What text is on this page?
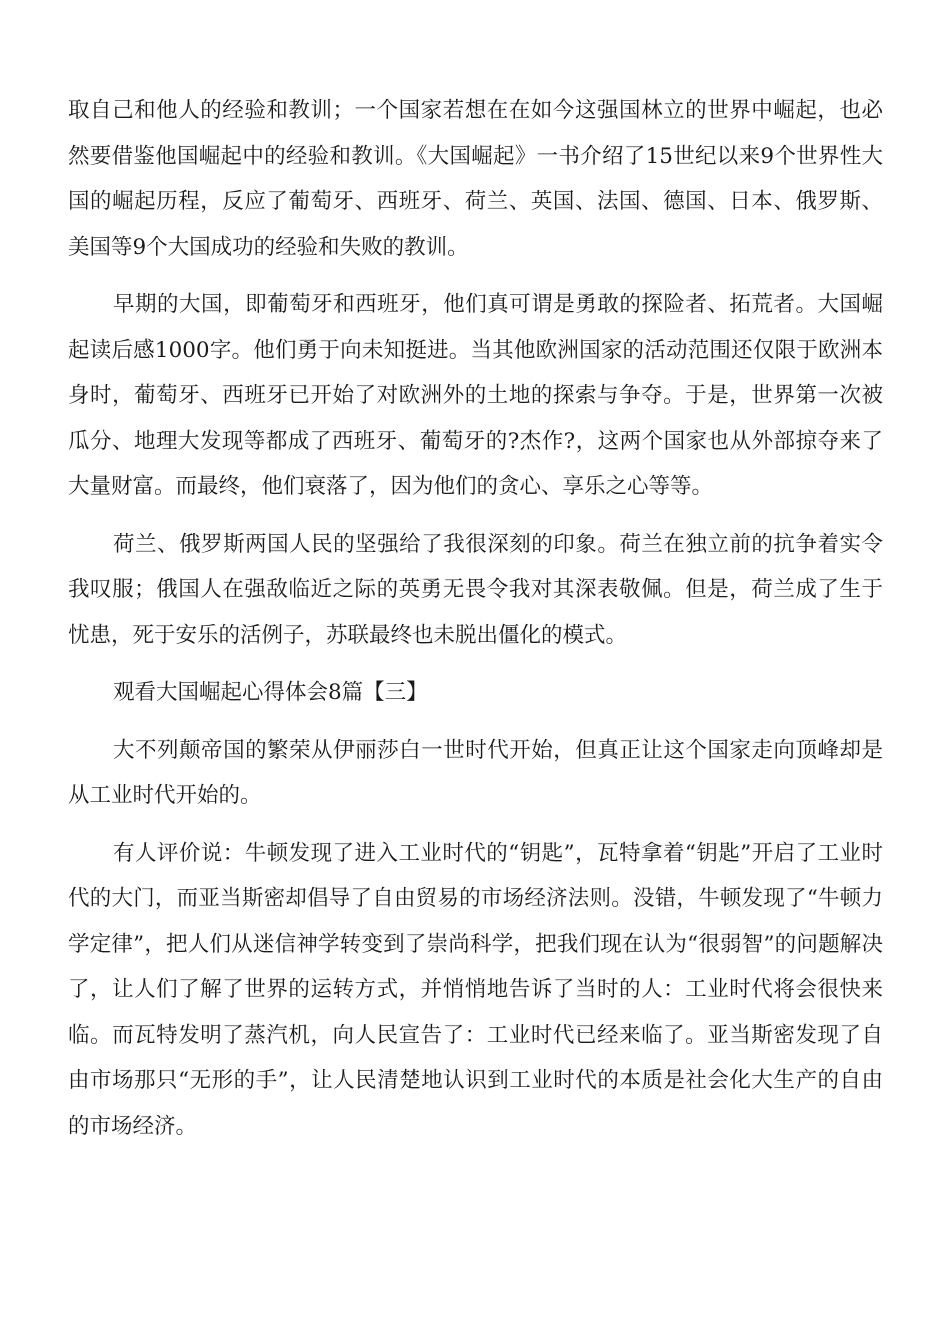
取自己和他人的经验和教训；一个国家若想在在如今这强国林立的世界中崛起，也必然要借鉴他国崛起中的经验和教训。《大国崛起》一书介绍了15世纪以来9个世界性大国的崛起历程，反应了葡萄牙、西班牙、荷兰、英国、法国、德国、日本、俄罗斯、美国等9个大国成功的经验和失败的教训。

早期的大国，即葡萄牙和西班牙，他们真可谓是勇敢的探险者、拓荒者。大国崛起读后感1000字。他们勇于向未知挺进。当其他欧洲国家的活动范围还仅限于欧洲本身时，葡萄牙、西班牙已开始了对欧洲外的土地的探索与争夺。于是，世界第一次被瓜分、地理大发现等都成了西班牙、葡萄牙的?杰作?，这两个国家也从外部掠夺来了大量财富。而最终，他们衰落了，因为他们的贪心、享乐之心等等。

荷兰、俄罗斯两国人民的坚强给了我很深刻的印象。荷兰在独立前的抗争着实令我叹服；俄国人在强敌临近之际的英勇无畏令我对其深表敬佩。但是，荷兰成了生于忧患，死于安乐的活例子，苏联最终也未脱出僵化的模式。

观看大国崛起心得体会8篇【三】

大不列颠帝国的繁荣从伊丽莎白一世时代开始，但真正让这个国家走向顶峰却是从工业时代开始的。

有人评价说：牛顿发现了进入工业时代的“钥匙”，瓦特拿着“钥匙”开启了工业时代的大门，而亚当斯密却倡导了自由贸易的市场经济法则。没错，牛顿发现了“牛顿力学定律”，把人们从迷信神学转变到了崇尚科学，把我们现在认为“很弱智”的问题解决了，让人们了解了世界的运转方式，并悄悄地告诉了当时的人：工业时代将会很快来临。而瓦特发明了蒸汽机，向人民宣告了：工业时代已经来临了。亚当斯密发现了自由市场那只“无形的手”，让人民清楚地认识到工业时代的本质是社会化大生产的自由的市场经济。
